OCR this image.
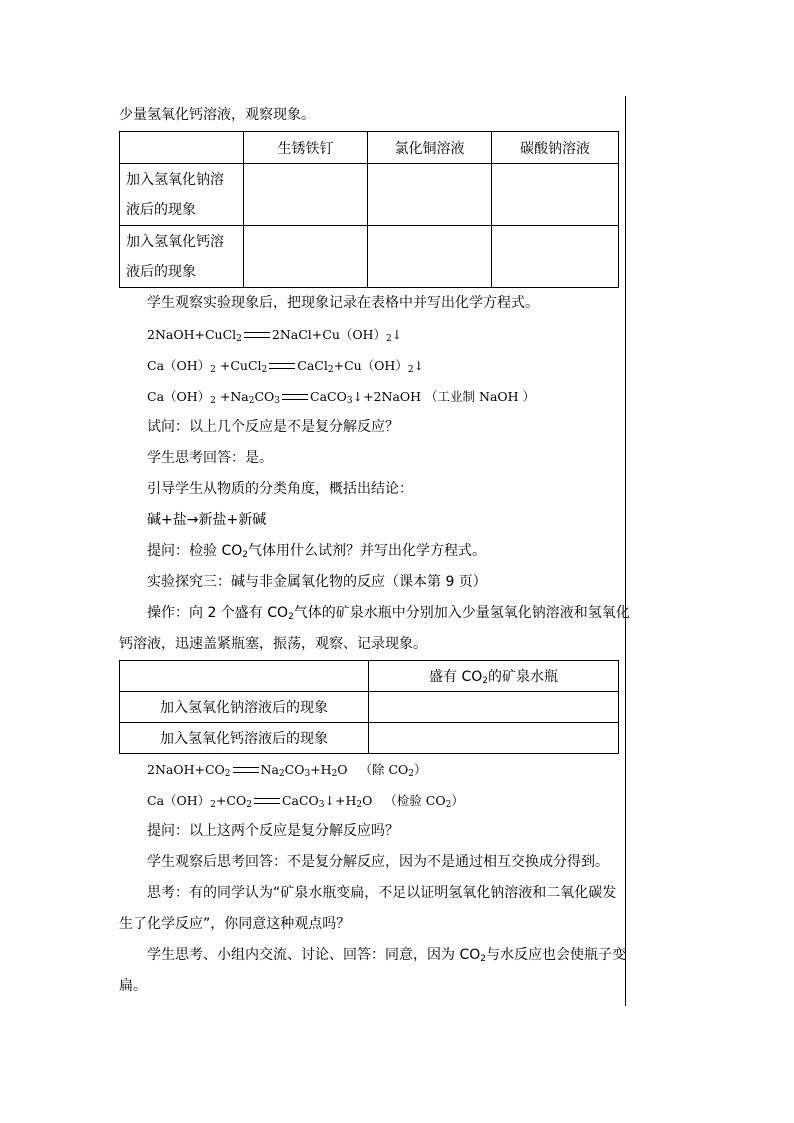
少量氢氧化钙溶液，观察现象。
	生锈铁钉	氯化铜溶液	碳酸钠溶液
加入氢氧化钠溶液后的现象			
加入氢氧化钙溶液后的现象			
学生观察实验现象后，把现象记录在表格中并写出化学方程式。
2NaOH+CuCl$_2$ $2NaCl+Cu(OH)_2↓$
$Ca(OH)_2$ +CuCl$_2$ $CaCl_2+Cu(OH)_2↓$
$Ca(OH)_2 +Na_2CO_3$ CaCO$_3$↓+2NaOH （工业制 NaOH ）
试问：以上几个反应是不是复分解反应？
学生思考回答：是。
引导学生从物质的分类角度，概括出结论：
碱+盐→新盐+新碱
提问：检验 $CO_2$气体用什么试剂？并写出化学方程式。
实验探究三：碱与非金属氧化物的反应（课本第 9 页）
操作：向 2 个盛有 $CO_2$气体的矿泉水瓶中分别加入少量氢氧化钠溶液和氢氧化
钙溶液，迅速盖紧瓶塞，振荡，观察、记录现象。
	盛有 $CO_2$的矿泉水瓶
加入氢氧化钠溶液后的现象	
加入氢氧化钙溶液后的现象	
$2NaOH+CO_2$ $Na_2CO_3+H_2O$ （除 $CO_2$）
$Ca(OH)_2+CO_2$ $CaCO_3↓+H_2O$ （检验 $CO_2$）
提问：以上这两个反应是复分解反应吗？
学生观察后思考回答：不是复分解反应，因为不是通过相互交换成分得到。
思考：有的同学认为“矿泉水瓶变扁，不足以证明氢氧化钠溶液和二氧化碳发
生了化学反应”，你同意这种观点吗？
学生思考、小组内交流、讨论、回答：同意，因为 $CO_2$与水反应也会使瓶子变
扁。
